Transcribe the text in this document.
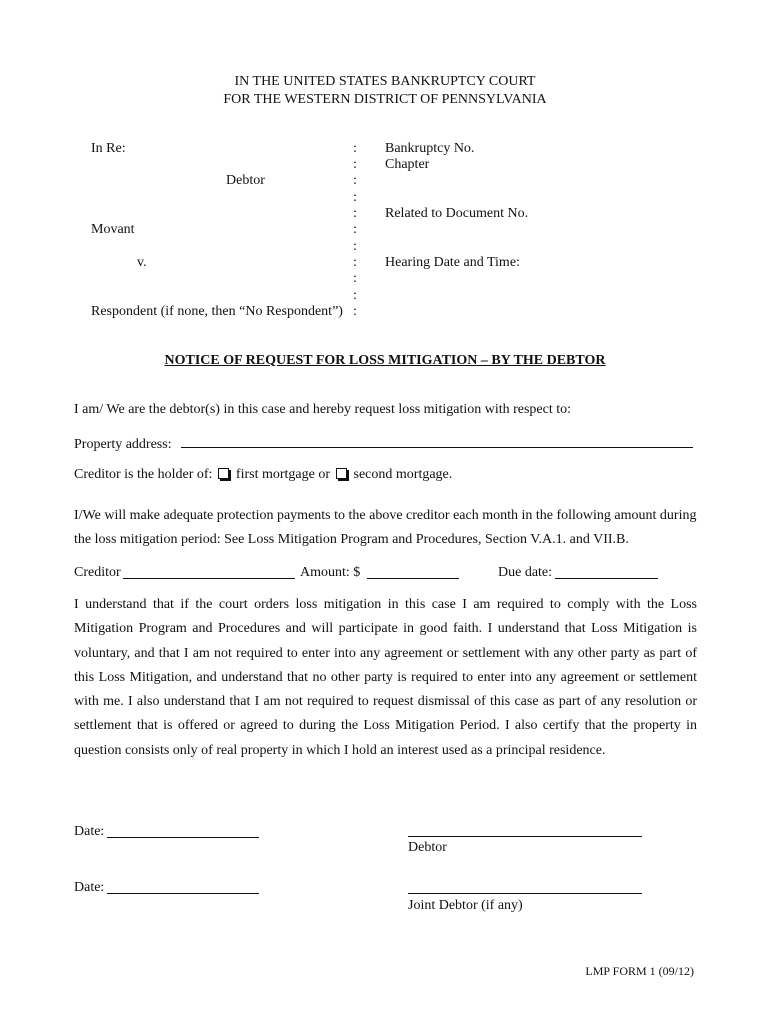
IN THE UNITED STATES BANKRUPTCY COURT
FOR THE WESTERN DISTRICT OF PENNSYLVANIA
In Re:
Debtor
Movant
v.
Respondent (if none, then “No Respondent”)
:
:
:
:
:
:
:
:
:
:
:
Bankruptcy No.
Chapter
Related to Document No.
Hearing Date and Time:
NOTICE OF REQUEST FOR LOSS MITIGATION – BY THE DEBTOR
I am/ We are the debtor(s) in this case and hereby request loss mitigation with respect to:
Property address:
Creditor is the holder of: first mortgage or second mortgage.
I/We will make adequate protection payments to the above creditor each month in the following amount during
the loss mitigation period: See Loss Mitigation Program and Procedures, Section V.A.1. and VII.B.
Creditor	Amount: $	Due date:
I understand that if the court orders loss mitigation in this case I am required to comply with the Loss Mitigation Program and Procedures and will participate in good faith. I understand that Loss Mitigation is voluntary, and that I am not required to enter into any agreement or settlement with any other party as part of this Loss Mitigation, and understand that no other party is required to enter into any agreement or settlement with me. I also understand that I am not required to request dismissal of this case as part of any resolution or settlement that is offered or agreed to during the Loss Mitigation Period. I also certify that the property in question consists only of real property in which I hold an interest used as a principal residence.
Date:
Debtor
Date:
Joint Debtor (if any)
LMP FORM 1 (09/12)
